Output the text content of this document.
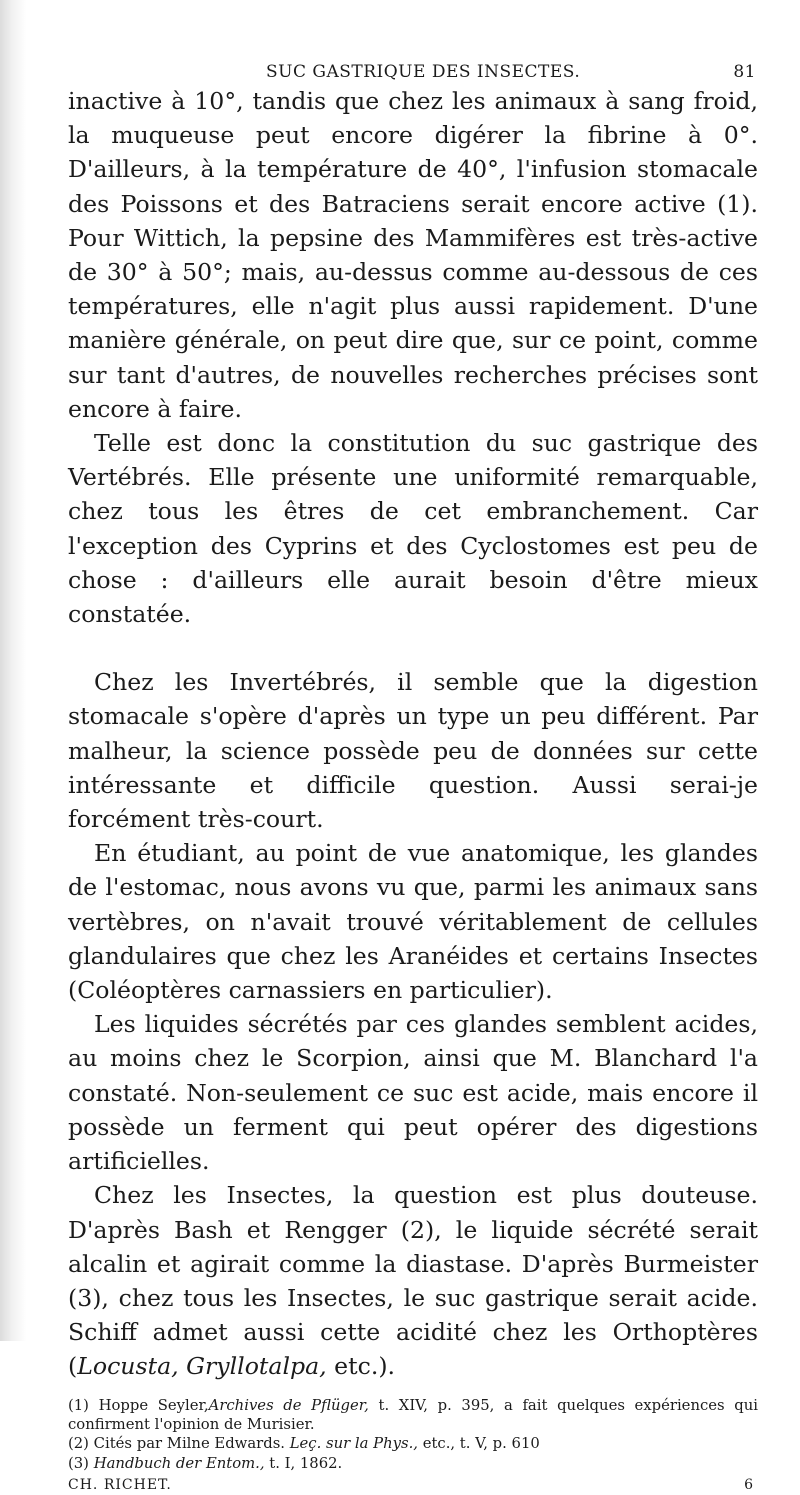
SUC GASTRIQUE DES INSECTES.	81

inactive à 10°, tandis que chez les animaux à sang froid, la muqueuse peut encore digérer la fibrine à 0°. D'ailleurs, à la température de 40°, l'infusion stomacale des Poissons et des Batraciens serait encore active (1). Pour Wittich, la pepsine des Mammifères est très-active de 30° à 50°; mais, au-dessus comme au-dessous de ces températures, elle n'agit plus aussi rapidement. D'une manière générale, on peut dire que, sur ce point, comme sur tant d'autres, de nouvelles recherches précises sont encore à faire.

Telle est donc la constitution du suc gastrique des Vertébrés. Elle présente une uniformité remarquable, chez tous les êtres de cet embranchement. Car l'exception des Cyprins et des Cyclostomes est peu de chose : d'ailleurs elle aurait besoin d'être mieux constatée.

Chez les Invertébrés, il semble que la digestion stomacale s'opère d'après un type un peu différent. Par malheur, la science possède peu de données sur cette intéressante et difficile question. Aussi serai-je forcément très-court.

En étudiant, au point de vue anatomique, les glandes de l'estomac, nous avons vu que, parmi les animaux sans vertèbres, on n'avait trouvé véritablement de cellules glandulaires que chez les Aranéides et certains Insectes (Coléoptères carnassiers en particulier).

Les liquides sécrétés par ces glandes semblent acides, au moins chez le Scorpion, ainsi que M. Blanchard l'a constaté. Non-seulement ce suc est acide, mais encore il possède un ferment qui peut opérer des digestions artificielles.

Chez les Insectes, la question est plus douteuse. D'après Bash et Rengger (2), le liquide sécrété serait alcalin et agirait comme la diastase. D'après Burmeister (3), chez tous les Insectes, le suc gastrique serait acide. Schiff admet aussi cette acidité chez les Orthoptères (Locusta, Gryllotalpa, etc.).

(1) Hoppe Seyler,Archives de Pflüger, t. XIV, p. 395, a fait quelques expériences qui confirment l'opinion de Murisier.

(2) Cités par Milne Edwards. Leç. sur la Phys., etc., t. V, p. 610

(3) Handbuch der Entom., t. I, 1862.

CH. RICHET.	6
